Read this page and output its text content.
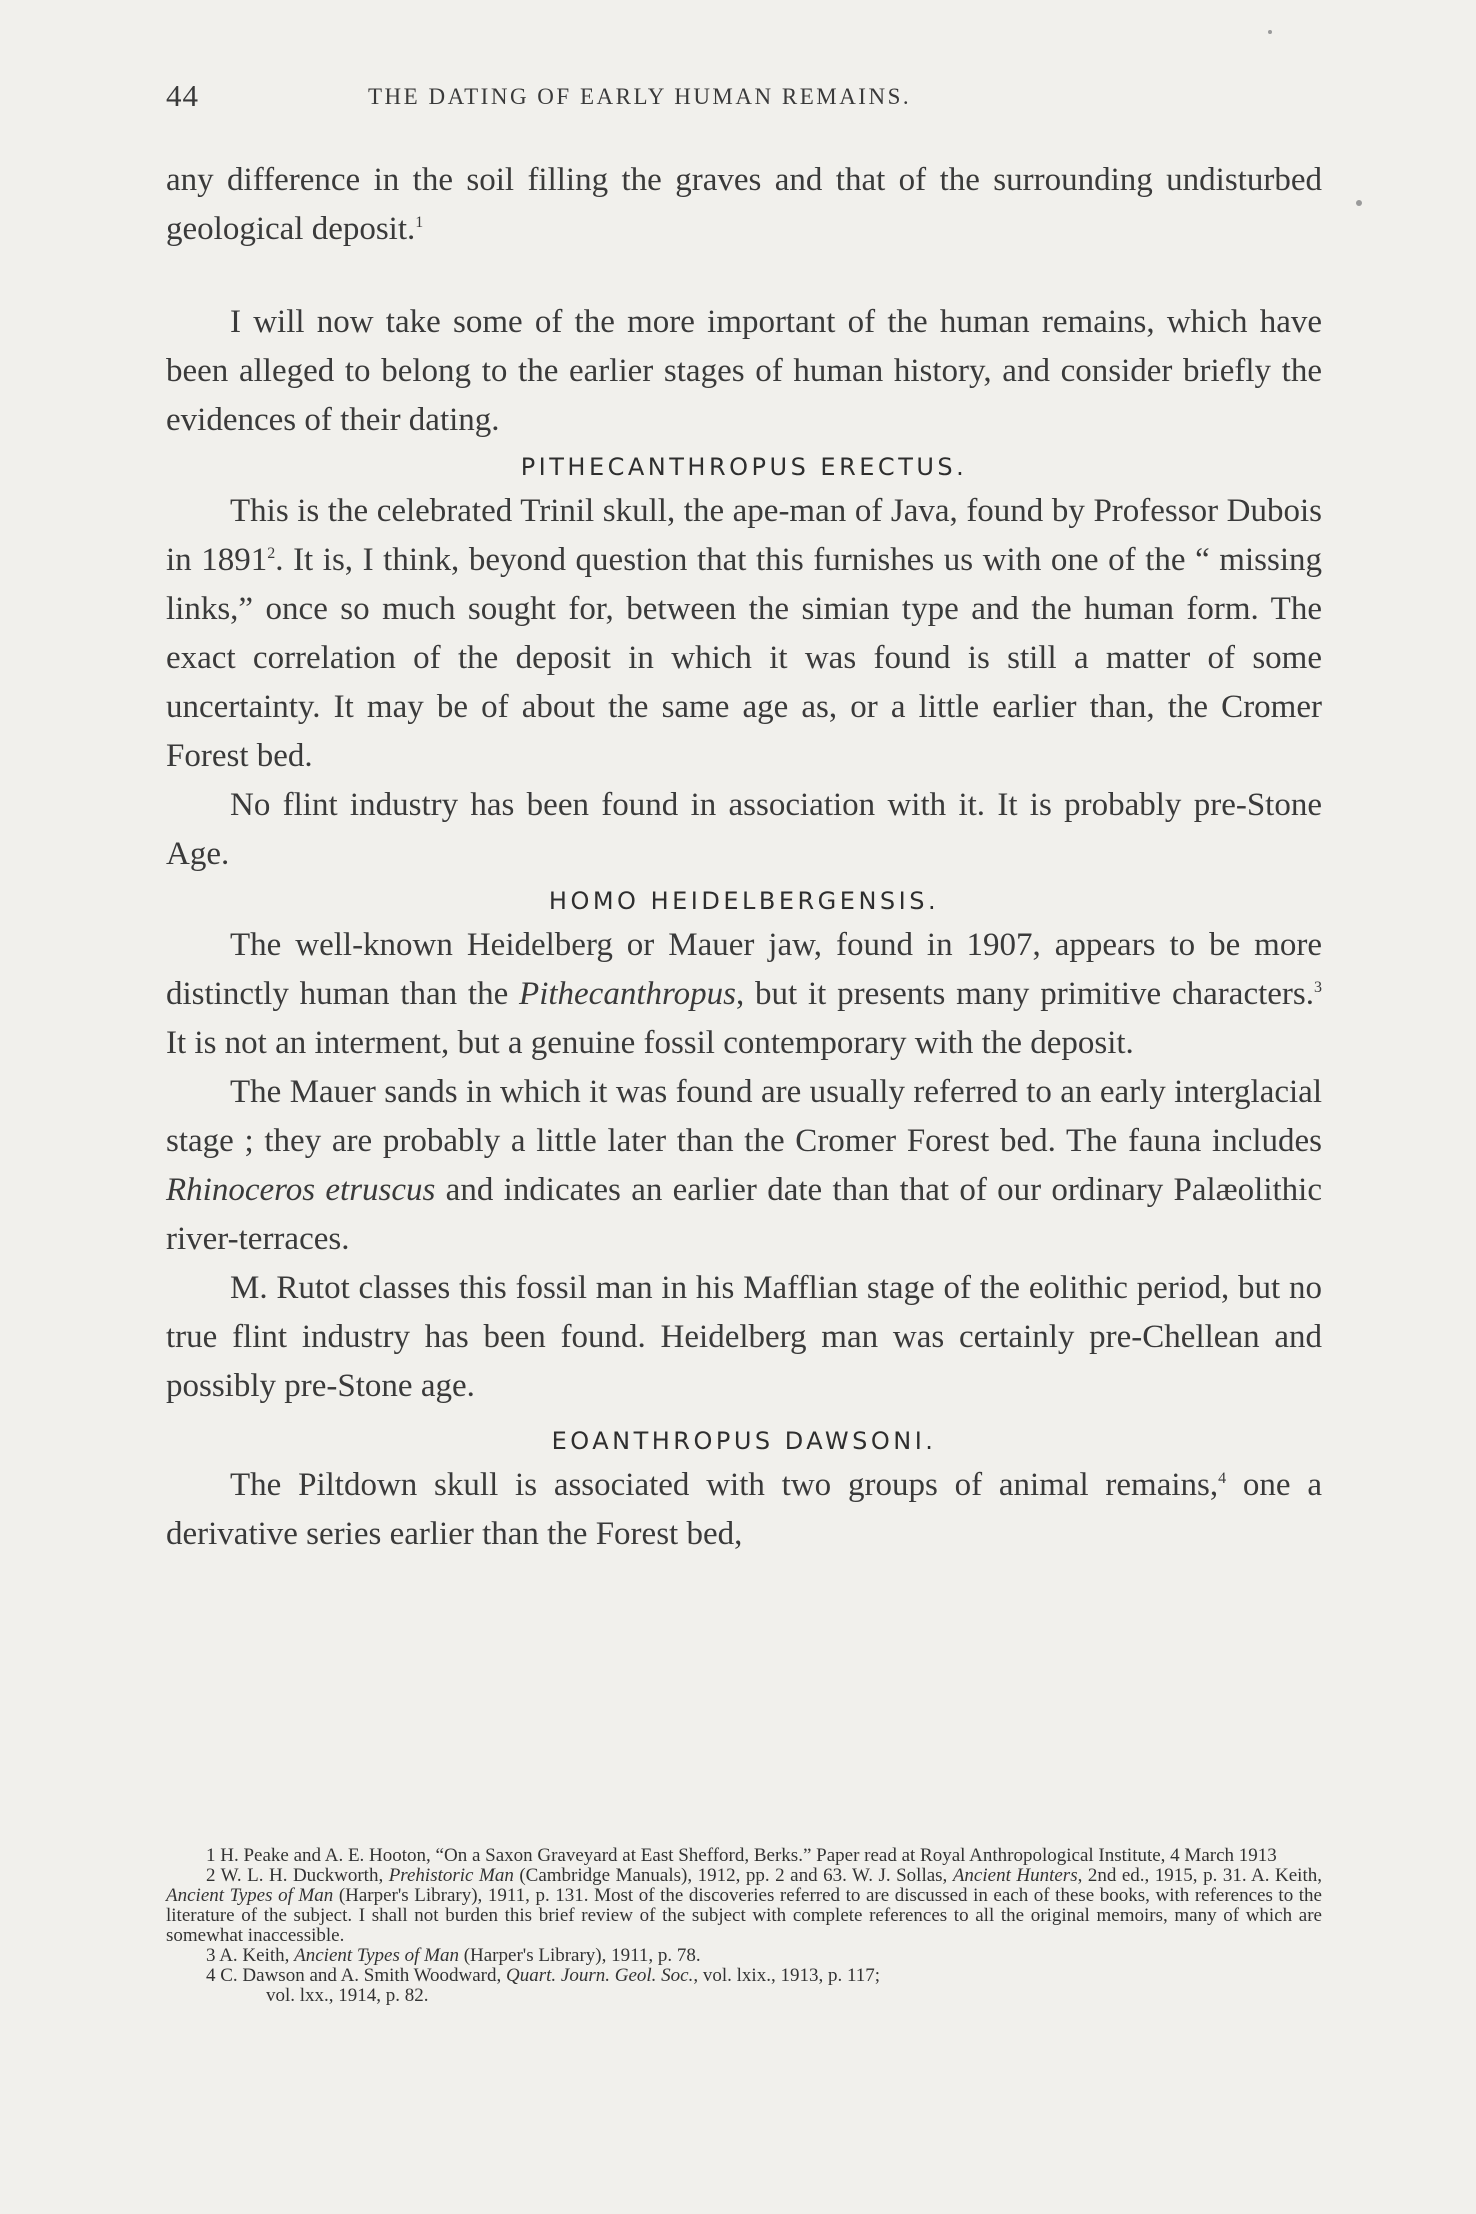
44	THE DATING OF EARLY HUMAN REMAINS.

any difference in the soil filling the graves and that of the surrounding undisturbed geological deposit.$^1$

I will now take some of the more important of the human remains, which have been alleged to belong to the earlier stages of human history, and consider briefly the evidences of their dating.

PITHECANTHROPUS ERECTUS.

This is the celebrated Trinil skull, the ape-man of Java, found by Professor Dubois in 1891$^2$. It is, I think, beyond question that this furnishes us with one of the “ missing links,” once so much sought for, between the simian type and the human form. The exact correlation of the deposit in which it was found is still a matter of some uncertainty. It may be of about the same age as, or a little earlier than, the Cromer Forest bed.

No flint industry has been found in association with it. It is probably pre-Stone Age.

HOMO HEIDELBERGENSIS.

The well-known Heidelberg or Mauer jaw, found in 1907, appears to be more distinctly human than the Pithecanthropus, but it presents many primitive characters.$^3$ It is not an interment, but a genuine fossil contemporary with the deposit.

The Mauer sands in which it was found are usually referred to an early interglacial stage ; they are probably a little later than the Cromer Forest bed. The fauna includes Rhinoceros etruscus and indicates an earlier date than that of our ordinary Palæolithic river-terraces.

M. Rutot classes this fossil man in his Mafflian stage of the eolithic period, but no true flint industry has been found. Heidelberg man was certainly pre-Chellean and possibly pre-Stone age.

EOANTHROPUS DAWSONI.

The Piltdown skull is associated with two groups of animal remains,$^4$ one a derivative series earlier than the Forest bed,

1 H. Peake and A. E. Hooton, “On a Saxon Graveyard at East Shefford, Berks.” Paper read at Royal Anthropological Institute, 4 March 1913

2 W. L. H. Duckworth, Prehistoric Man (Cambridge Manuals), 1912, pp. 2 and 63. W. J. Sollas, Ancient Hunters, 2nd ed., 1915, p. 31. A. Keith, Ancient Types of Man (Harper's Library), 1911, p. 131. Most of the discoveries referred to are discussed in each of these books, with references to the literature of the subject. I shall not burden this brief review of the subject with complete references to all the original memoirs, many of which are somewhat inaccessible.

3 A. Keith, Ancient Types of Man (Harper's Library), 1911, p. 78.

4 C. Dawson and A. Smith Woodward, Quart. Journ. Geol. Soc., vol. lxix., 1913, p. 117;

vol. lxx., 1914, p. 82.
